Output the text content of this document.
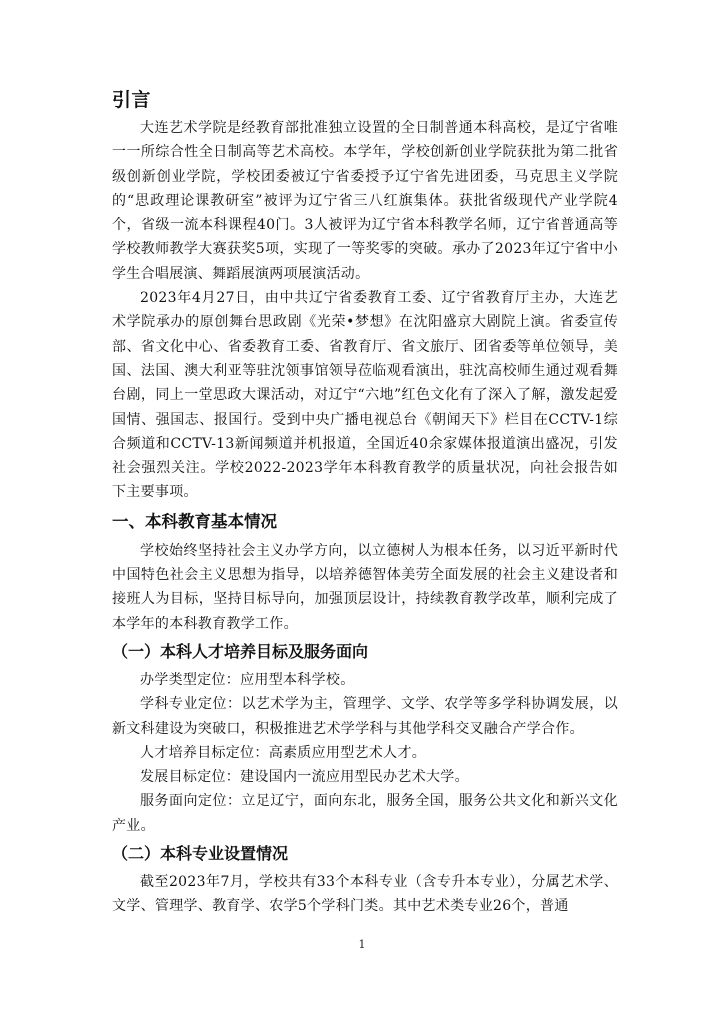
引言

大连艺术学院是经教育部批准独立设置的全日制普通本科高校，是辽宁省唯一一所综合性全日制高等艺术高校。本学年，学校创新创业学院获批为第二批省级创新创业学院，学校团委被辽宁省委授予辽宁省先进团委，马克思主义学院的“思政理论课教研室”被评为辽宁省三八红旗集体。获批省级现代产业学院4个，省级一流本科课程40门。3人被评为辽宁省本科教学名师，辽宁省普通高等学校教师教学大赛获奖5项，实现了一等奖零的突破。承办了2023年辽宁省中小学生合唱展演、舞蹈展演两项展演活动。

2023年4月27日，由中共辽宁省委教育工委、辽宁省教育厅主办，大连艺术学院承办的原创舞台思政剧《光荣•梦想》在沈阳盛京大剧院上演。省委宣传部、省文化中心、省委教育工委、省教育厅、省文旅厅、团省委等单位领导，美国、法国、澳大利亚等驻沈领事馆领导莅临观看演出，驻沈高校师生通过观看舞台剧，同上一堂思政大课活动，对辽宁“六地”红色文化有了深入了解，激发起爱国情、强国志、报国行。受到中央广播电视总台《朝闻天下》栏目在CCTV-1综合频道和CCTV-13新闻频道并机报道，全国近40余家媒体报道演出盛况，引发社会强烈关注。学校2022-2023学年本科教育教学的质量状况，向社会报告如下主要事项。

一、本科教育基本情况

学校始终坚持社会主义办学方向，以立德树人为根本任务，以习近平新时代中国特色社会主义思想为指导，以培养德智体美劳全面发展的社会主义建设者和接班人为目标，坚持目标导向，加强顶层设计，持续教育教学改革，顺利完成了本学年的本科教育教学工作。

（一）本科人才培养目标及服务面向

办学类型定位：应用型本科学校。

学科专业定位：以艺术学为主，管理学、文学、农学等多学科协调发展，以新文科建设为突破口，积极推进艺术学学科与其他学科交叉融合产学合作。

人才培养目标定位：高素质应用型艺术人才。

发展目标定位：建设国内一流应用型民办艺术大学。

服务面向定位：立足辽宁，面向东北，服务全国，服务公共文化和新兴文化产业。

（二）本科专业设置情况

截至2023年7月，学校共有33个本科专业（含专升本专业），分属艺术学、文学、管理学、教育学、农学5个学科门类。其中艺术类专业26个，普通

1
